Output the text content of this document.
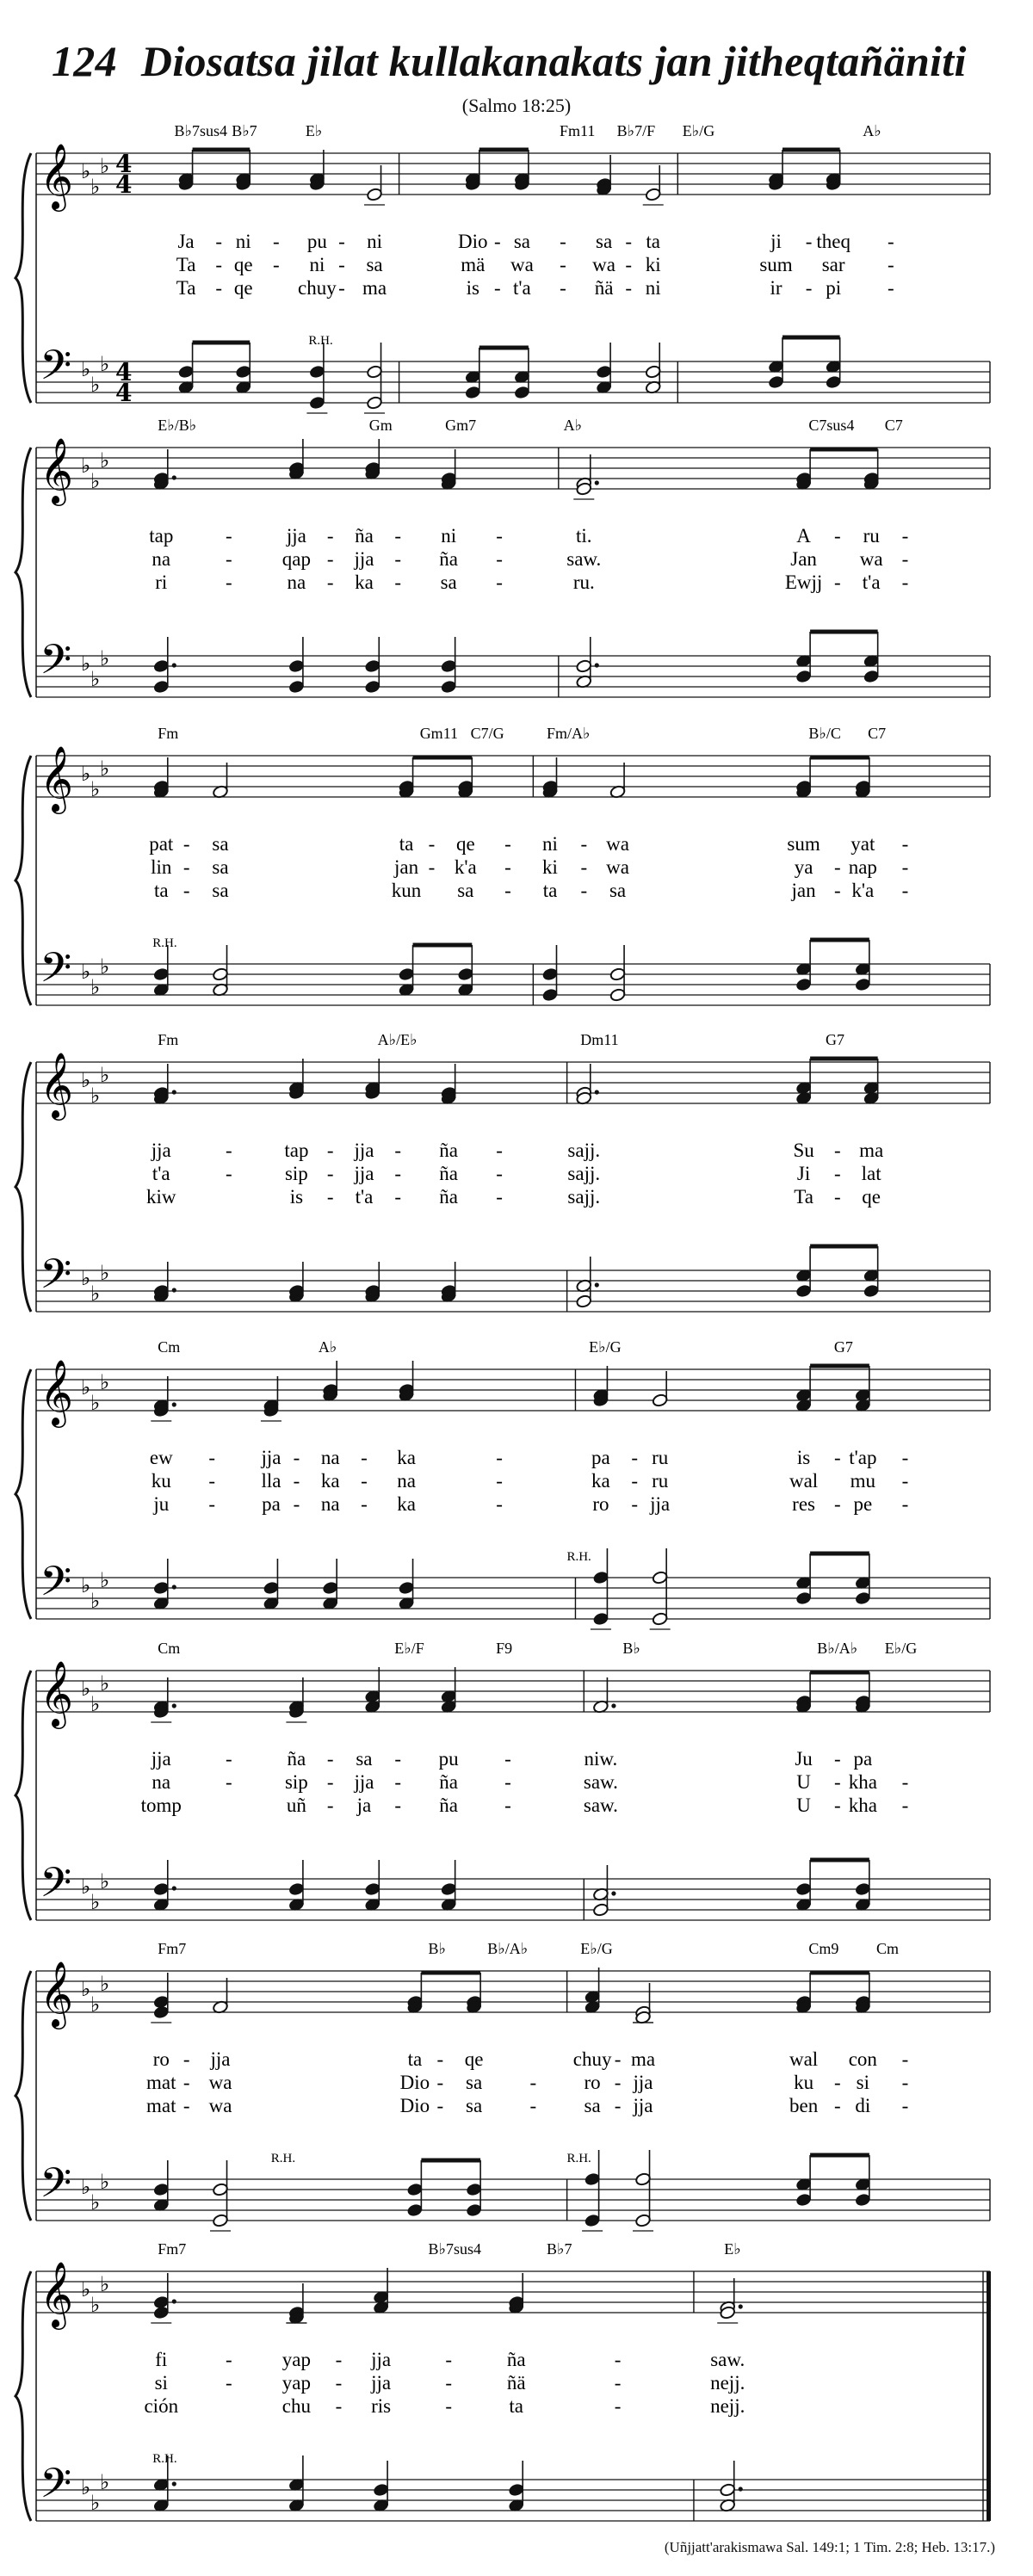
124 Diosatsa jilat kullakanakats jan jitheqtañäniti
(Salmo 18:25)
𝄞 ♭
♭
♭ 4
4
𝄢 ♭
♭
♭ 4
4
B♭7sus4 B♭7	E♭	Fm11 B♭7/F E♭/G	A♭
R.H.
Ja - ni - pu - ni	Dio - sa - sa - ta	ji - theq -
Ta - qe - ni - sa	mä wa - wa - ki	sum sar -
Ta - qe chuy - ma	is - t'a - ñä - ni	ir - pi -
𝄞 ♭
♭
♭
𝄢 ♭
♭
♭
E♭/B♭	Gm	Gm7	A♭	C7sus4 C7
tap	-	jja - ña - ni -	ti.	A - ru -
na	-	qap - jja - ña -	saw.	Jan wa -
ri	-	na - ka - sa -	ru.	Ewjj - t'a -
𝄞 ♭
♭
♭
𝄢 ♭
♭
♭
Fm	Gm11 C7/G	Fm/A♭	B♭/C C7
R.H.
pat - sa	ta - qe - ni - wa	sum yat -
lin - sa	jan - k'a - ki - wa	ya - nap -
ta - sa	kun sa - ta - sa	jan - k'a -
𝄞 ♭
♭
♭
𝄢 ♭
♭
♭
Fm	A♭/E♭	Dm11	G7
jja	-	tap - jja - ña -	sajj.	Su - ma
t'a	-	sip - jja - ña -	sajj.	Ji - lat
kiw	is - t'a - ña -	sajj.	Ta - qe
𝄞 ♭
♭
♭
𝄢 ♭
♭
♭
Cm	A♭	E♭/G	G7
R.H.
ew - jja - na - ka	-	pa - ru	is - t'ap -
ku - lla - ka - na	-	ka - ru	wal mu -
ju - pa - na - ka	-	ro - jja	res - pe -
𝄞 ♭
♭
♭
𝄢 ♭
♭
♭
Cm	E♭/F	F9	B♭	B♭/A♭ E♭/G
jja	-	ña - sa - pu -	niw.	Ju - pa
na	-	sip - jja - ña -	saw.	U - kha -
tomp	uñ - ja - ña -	saw.	U - kha -
𝄞 ♭
♭
♭
𝄢 ♭
♭
♭
Fm7	B♭	B♭/A♭	E♭/G	Cm9 Cm
R.H.	R.H.
ro - jja	ta - qe	chuy - ma	wal con -
mat - wa	Dio - sa - ro - jja	ku - si -
mat - wa	Dio - sa - sa - jja	ben - di -
𝄞 ♭
♭
♭
𝄢 ♭
♭
♭
Fm7	B♭7sus4	B♭7	E♭
R.H.
fi	-	yap - jja	-	ña	-	saw.
si	-	yap - jja	-	ñä	-	nejj.
ción	chu - ris	-	ta	-	nejj.
(Uñjjatt'arakismawa Sal. 149:1; 1 Tim. 2:8; Heb. 13:17.)
